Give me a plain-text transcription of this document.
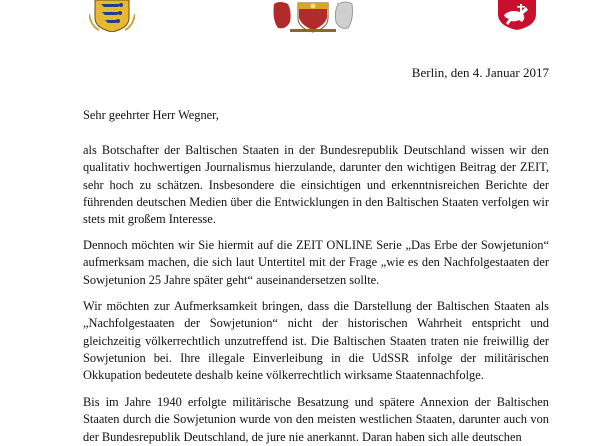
Berlin, den 4. Januar 2017

Sehr geehrter Herr Wegner,

als Botschafter der Baltischen Staaten in der Bundesrepublik Deutschland wissen wir den qualitativ hochwertigen Journalismus hierzulande, darunter den wichtigen Beitrag der ZEIT, sehr hoch zu schätzen. Insbesondere die einsichtigen und erkenntnisreichen Berichte der führenden deutschen Medien über die Entwicklungen in den Baltischen Staaten verfolgen wir stets mit großem Interesse.

Dennoch möchten wir Sie hiermit auf die ZEIT ONLINE Serie „Das Erbe der Sowjetunion“ aufmerksam machen, die sich laut Untertitel mit der Frage „wie es den Nachfolgestaaten der Sowjetunion 25 Jahre später geht“ auseinandersetzen sollte.

Wir möchten zur Aufmerksamkeit bringen, dass die Darstellung der Baltischen Staaten als „Nachfolgestaaten der Sowjetunion“ nicht der historischen Wahrheit entspricht und gleichzeitig völkerrechtlich unzutreffend ist. Die Baltischen Staaten traten nie freiwillig der Sowjetunion bei. Ihre illegale Einverleibung in die UdSSR infolge der militärischen Okkupation bedeutete deshalb keine völkerrechtlich wirksame Staatennachfolge.

Bis im Jahre 1940 erfolgte militärische Besatzung und spätere Annexion der Baltischen Staaten durch die Sowjetunion wurde von den meisten westlichen Staaten, darunter auch von der Bundesrepublik Deutschland, de jure nie anerkannt. Daran haben sich alle deutschen
